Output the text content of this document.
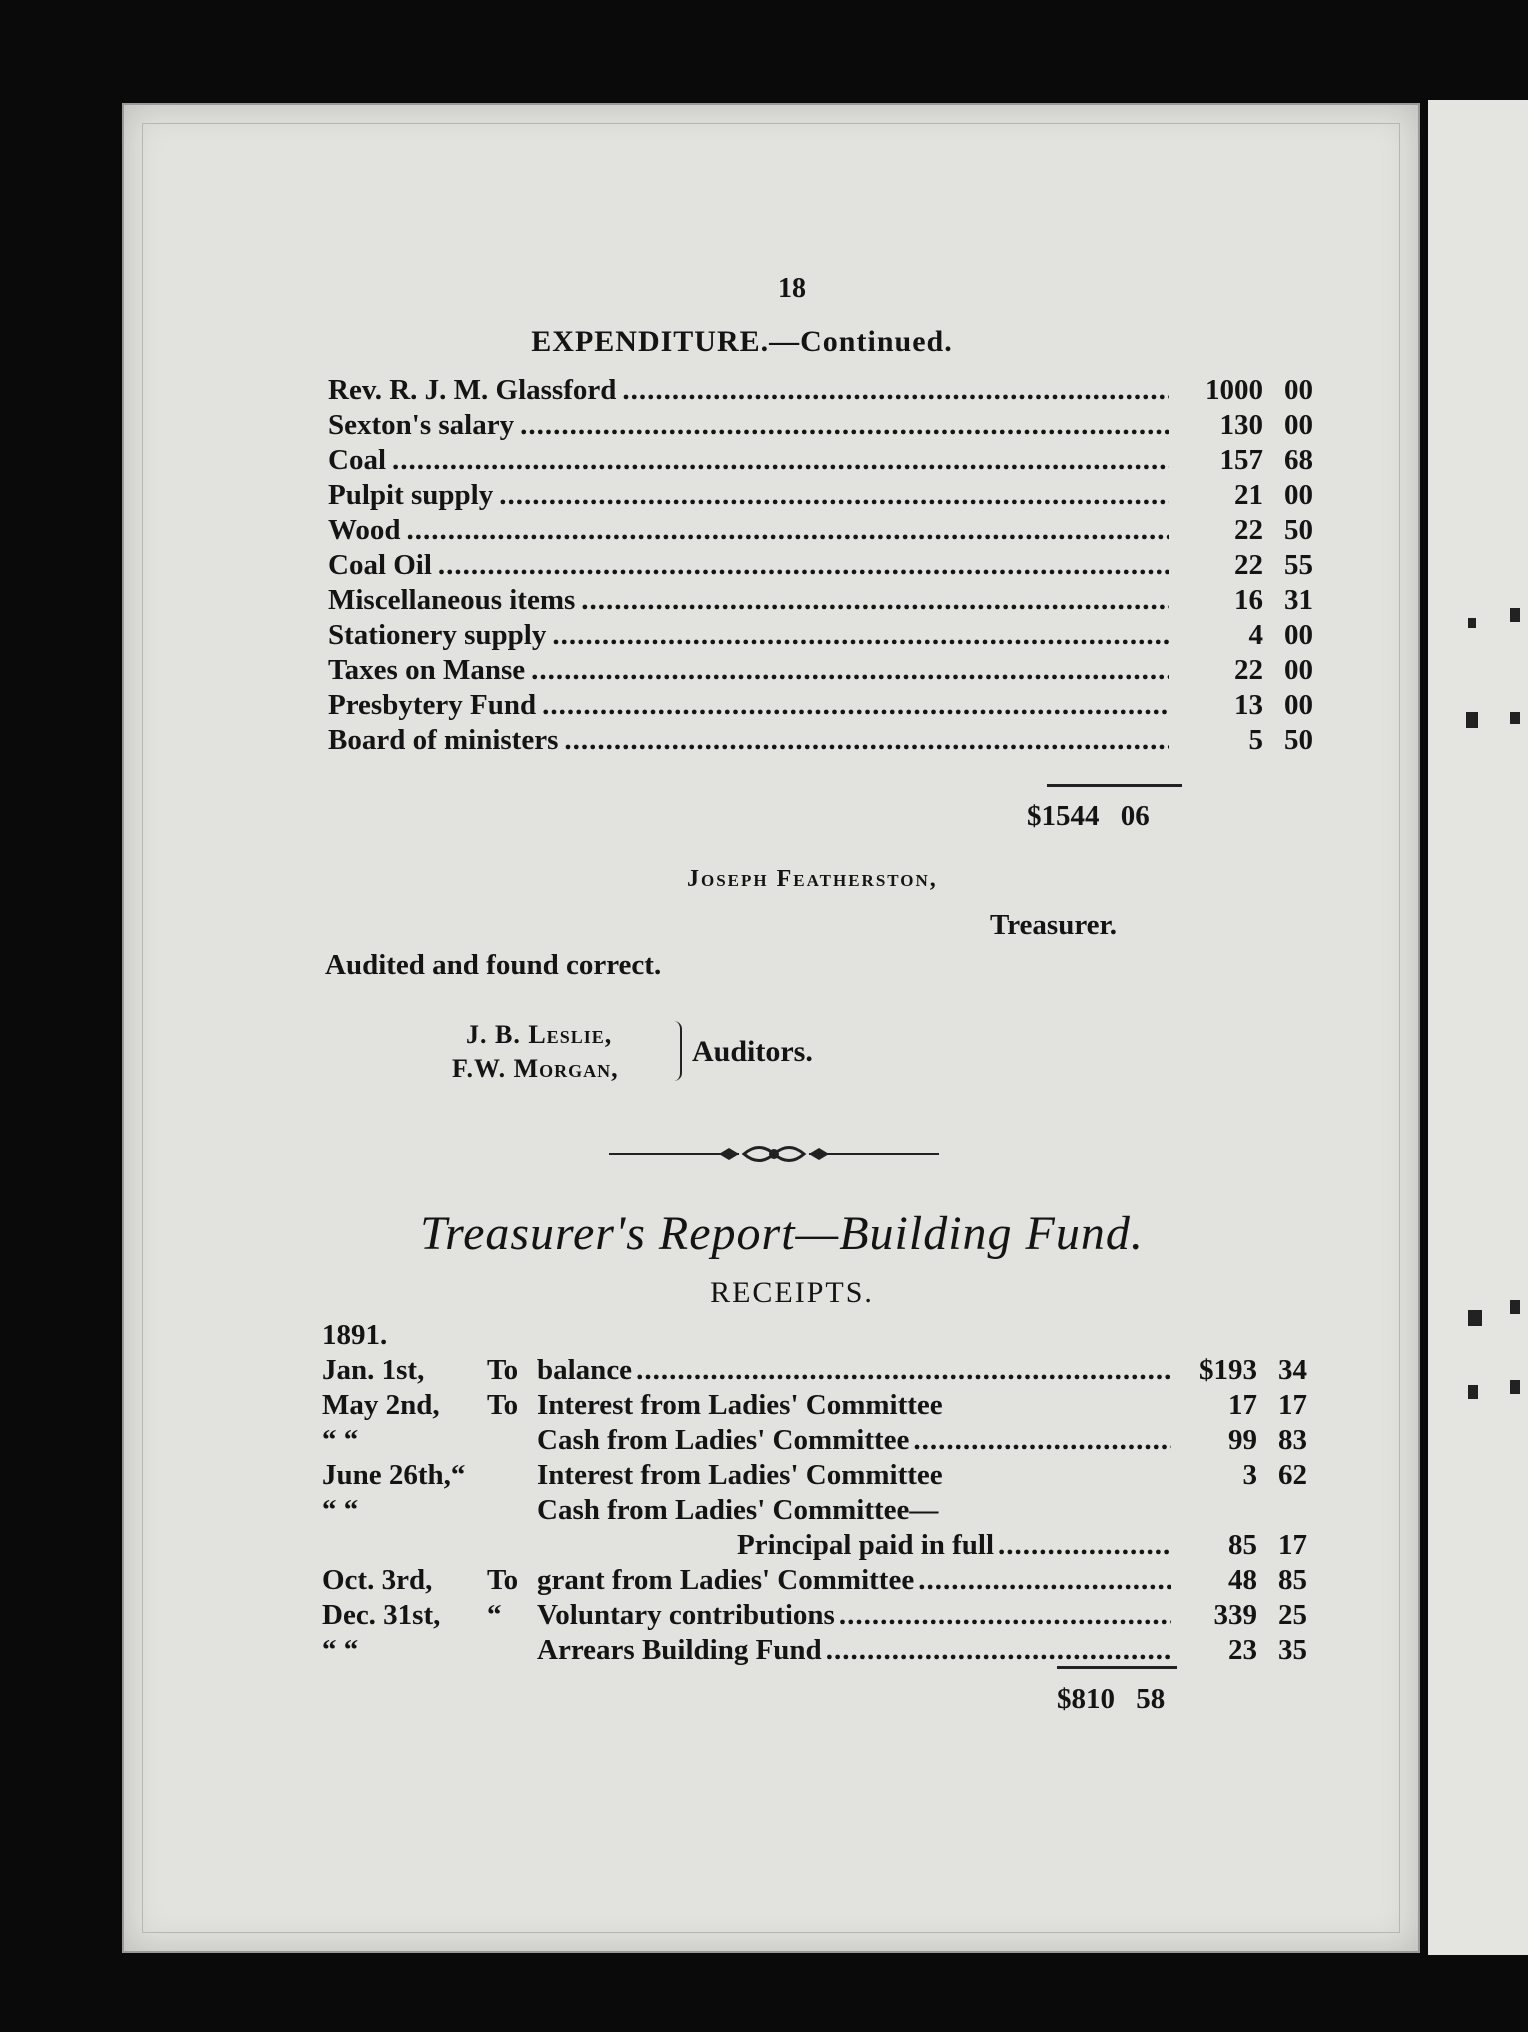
18
EXPENDITURE.—Continued.
Rev. R. J. M. Glassford .....	1000 00
Sexton's salary .....	130 00
Coal .....	157 68
Pulpit supply .....	21 00
Wood .....	22 50
Coal Oil .....	22 55
Miscellaneous items .....	16 31
Stationery supply .....	4 00
Taxes on Manse .....	22 00
Presbytery Fund .....	13 00
Board of ministers .....	5 50
$1544 06
Joseph Featherston,
Treasurer.
Audited and found correct.
J. B. Leslie,
F.W. Morgan,
Auditors.
Treasurer's Report—Building Fund.
RECEIPTS.
1891.
Jan. 1st,	To balance .....	$193 34
May 2nd,	To Interest from Ladies' Committee	17 17
“ “	Cash from Ladies' Committee .....	99 83
June 26th,“	Interest from Ladies' Committee	3 62
“ “	Cash from Ladies' Committee—
Principal paid in full .....	85 17
Oct. 3rd,	To grant from Ladies' Committee .....	48 85
Dec. 31st,	“	Voluntary contributions .....	339 25
“ “	Arrears Building Fund .....	23 35
$810 58
